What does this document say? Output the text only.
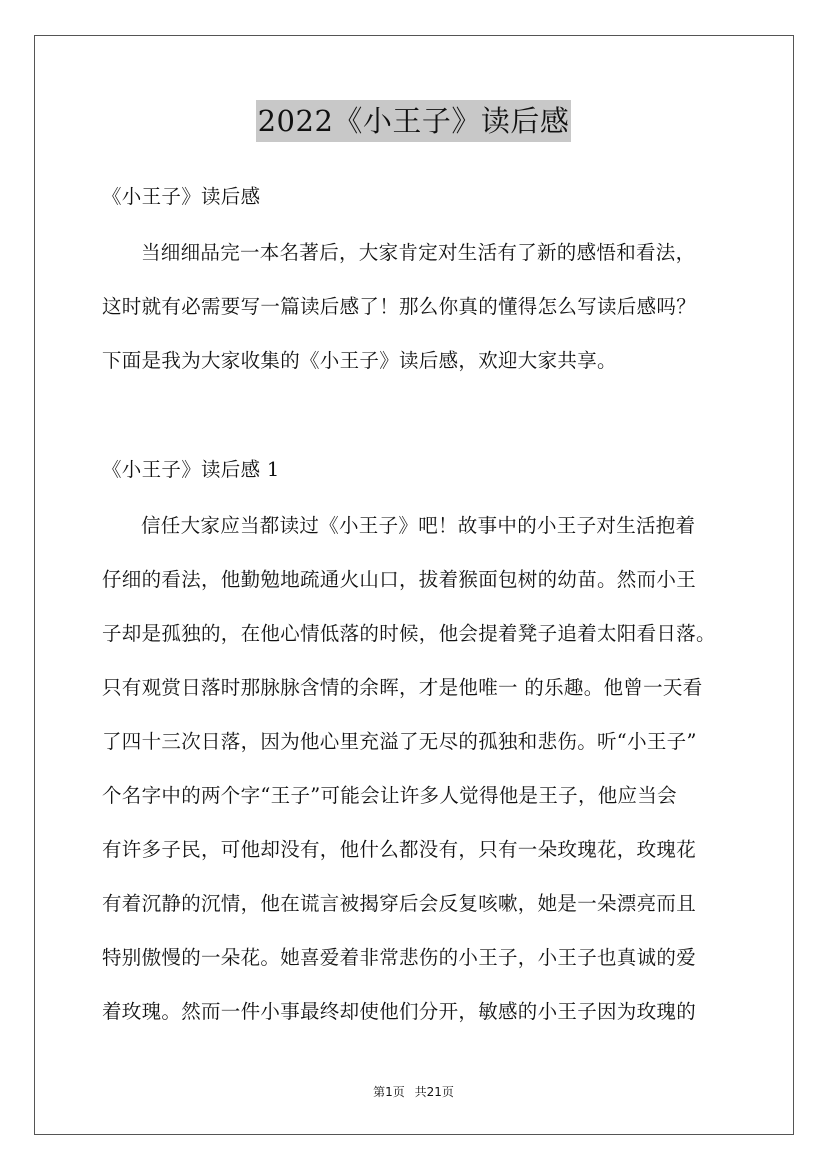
2022《小王子》读后感
《小王子》读后感
当细细品完一本名著后，大家肯定对生活有了新的感悟和看法，
这时就有必需要写一篇读后感了！那么你真的懂得怎么写读后感吗？
下面是我为大家收集的《小王子》读后感，欢迎大家共享。
《小王子》读后感 1
信任大家应当都读过《小王子》吧！故事中的小王子对生活抱着
仔细的看法，他勤勉地疏通火山口，拔着猴面包树的幼苗。然而小王
子却是孤独的，在他心情低落的时候，他会提着凳子追着太阳看日落。
只有观赏日落时那脉脉含情的余晖，才是他唯一 的乐趣。他曾一天看
了四十三次日落，因为他心里充溢了无尽的孤独和悲伤。听“小王子”
个名字中的两个字“王子”可能会让许多人觉得他是王子，他应当会
有许多子民，可他却没有，他什么都没有，只有一朵玫瑰花，玫瑰花
有着沉静的沉情，他在谎言被揭穿后会反复咳嗽，她是一朵漂亮而且
特别傲慢的一朵花。她喜爱着非常悲伤的小王子，小王子也真诚的爱
着玫瑰。然而一件小事最终却使他们分开，敏感的小王子因为玫瑰的
第1页 共21页
